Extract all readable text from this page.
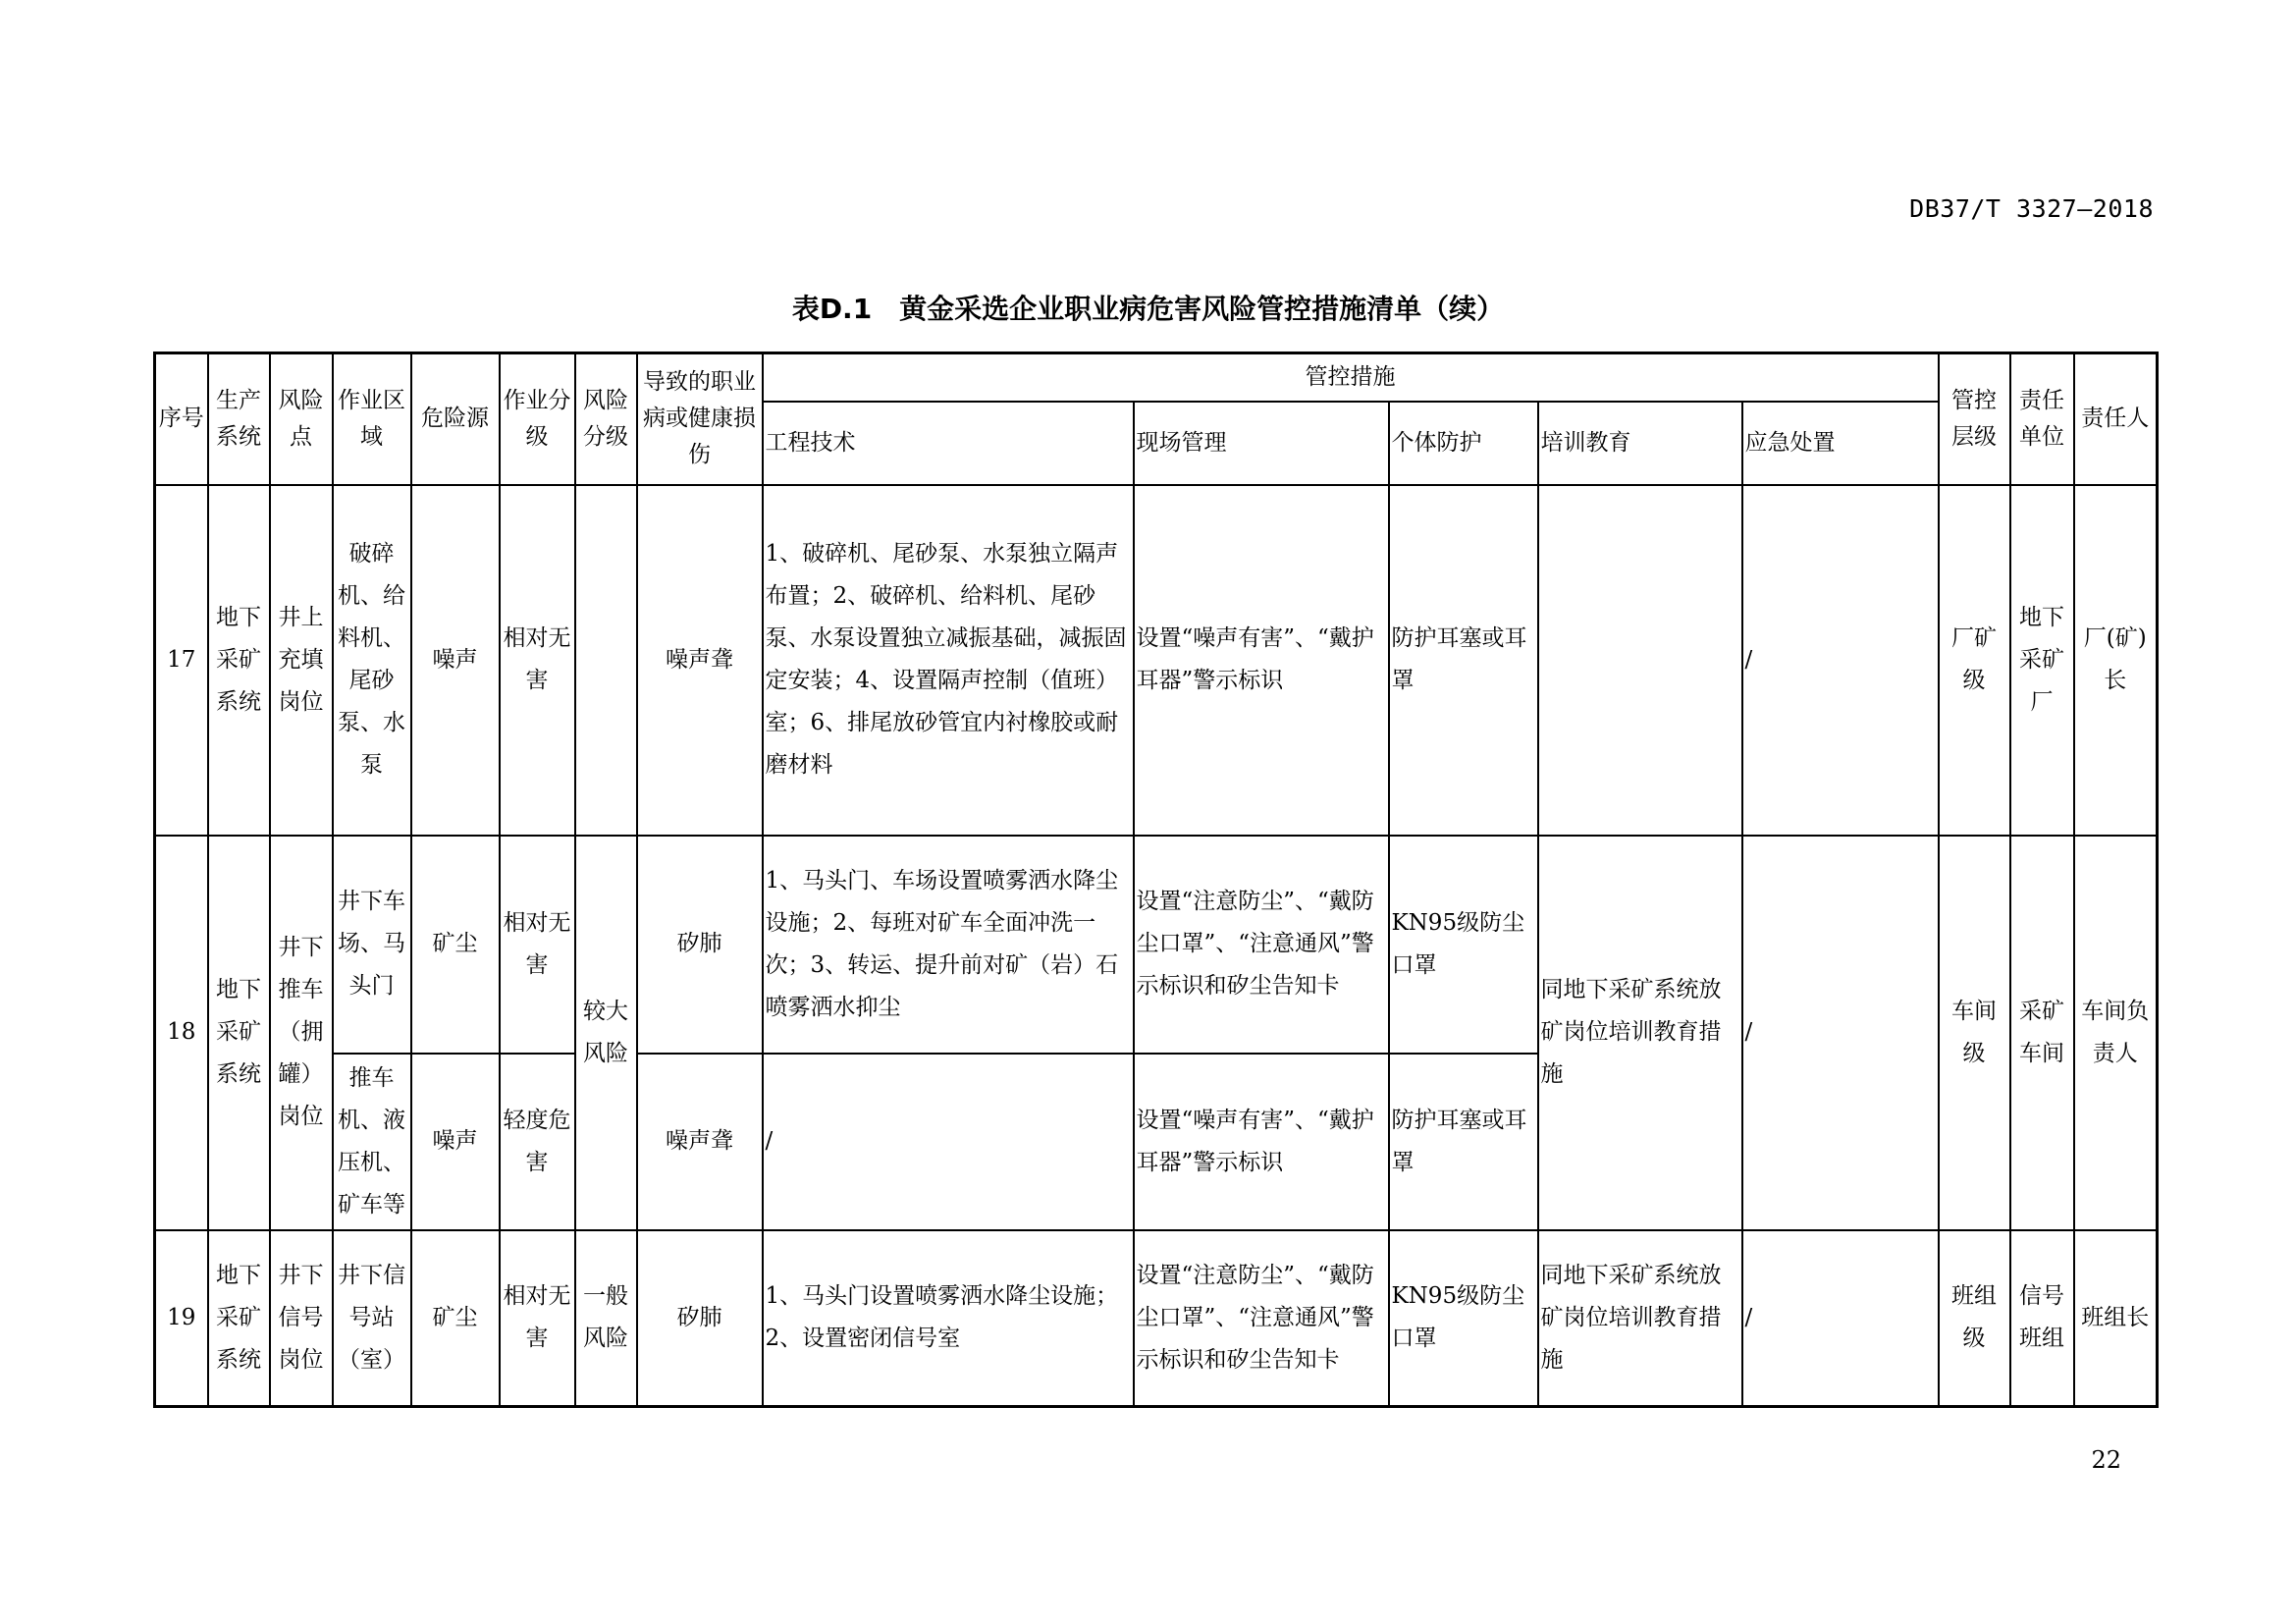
DB37/T 3327—2018
表D.1　黄金采选企业职业病危害风险管控措施清单（续）
序号	生产系统	风险点	作业区域	危险源	作业分级	风险分级	导致的职业病或健康损伤	管控措施					管控层级	责任单位	责任人
								工程技术	现场管理	个体防护	培训教育	应急处置			
17	地下采矿系统	井上充填岗位	破碎机、给料机、尾砂泵、水泵	噪声	相对无害		噪声聋	1、破碎机、尾砂泵、水泵独立隔声布置；2、破碎机、给料机、尾砂泵、水泵设置独立减振基础，减振固定安装；4、设置隔声控制（值班）室；6、排尾放砂管宜内衬橡胶或耐磨材料	设置“噪声有害”、“戴护耳器”警示标识	防护耳塞或耳罩		/	厂矿级	地下采矿厂	厂(矿)长
18	地下采矿系统	井下推车（拥罐）岗位	井下车场、马头门	矿尘	相对无害	较大风险	矽肺	1、马头门、车场设置喷雾洒水降尘设施；2、每班对矿车全面冲洗一次；3、转运、提升前对矿（岩）石喷雾洒水抑尘	设置“注意防尘”、“戴防尘口罩”、“注意通风”警示标识和矽尘告知卡	KN95级防尘口罩	同地下采矿系统放矿岗位培训教育措施	/	车间级	采矿车间	车间负责人
			推车机、液压机、矿车等	噪声	轻度危害		噪声聋	/	设置“噪声有害”、“戴护耳器”警示标识	防护耳塞或耳罩					
19	地下采矿系统	井下信号岗位	井下信号站（室）	矿尘	相对无害	一般风险	矽肺	1、马头门设置喷雾洒水降尘设施；2、设置密闭信号室	设置“注意防尘”、“戴防尘口罩”、“注意通风”警示标识和矽尘告知卡	KN95级防尘口罩	同地下采矿系统放矿岗位培训教育措施	/	班组级	信号班组	班组长
22
